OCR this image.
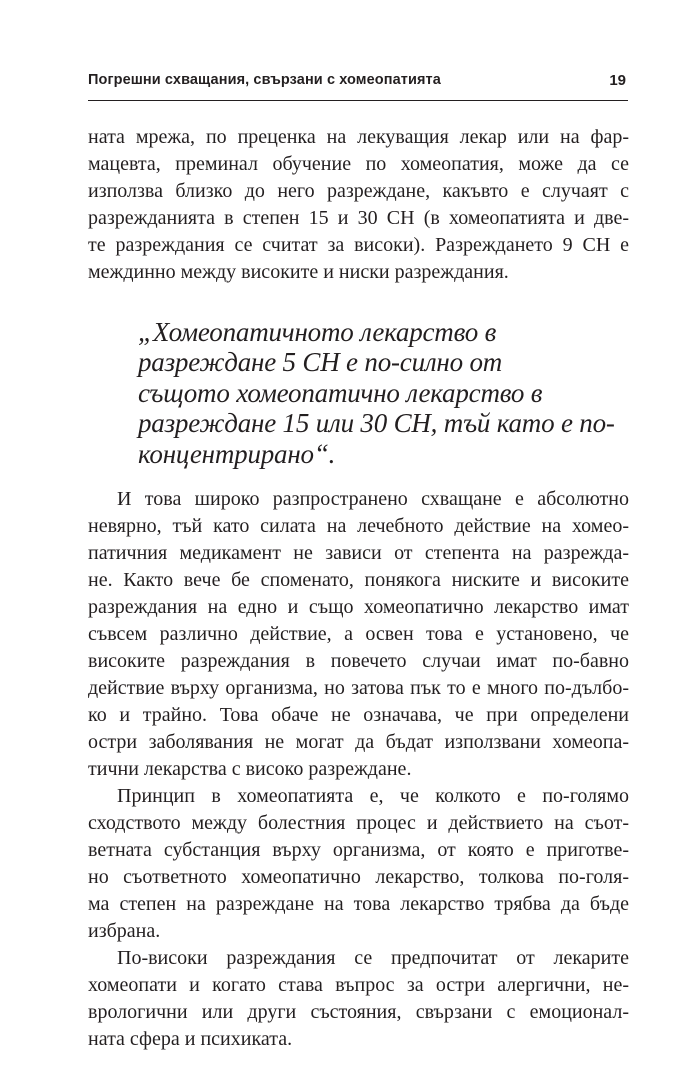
Погрешни схващания, свързани с хомеопатията	19
ната мрежа, по преценка на лекуващия лекар или на фар-
мацевта, преминал обучение по хомеопатия, може да се
използва близко до него разреждане, какъвто е случаят с
разрежданията в степен 15 и 30 CH (в хомеопатията и две-
те разреждания се считат за високи). Разреждането 9 CH е
междинно между високите и ниски разреждания.
„Хомеопатичното лекарство в
разреждане 5 CH е по-силно от
същото хомеопатично лекарство в
разреждане 15 или 30 CH, тъй като е по-
концентрирано“.
И това широко разпространено схващане е абсолютно
невярно, тъй като силата на лечебното действие на хомео-
патичния медикамент не зависи от степента на разрежда-
не. Както вече бе споменато, понякога ниските и високите
разреждания на едно и също хомеопатично лекарство имат
съвсем различно действие, а освен това е установено, че
високите разреждания в повечето случаи имат по-бавно
действие върху организма, но затова пък то е много по-дълбо-
ко и трайно. Това обаче не означава, че при определени
остри заболявания не могат да бъдат използвани хомеопа-
тични лекарства с високо разреждане.
Принцип в хомеопатията е, че колкото е по-голямо
сходството между болестния процес и действието на съот-
ветната субстанция върху организма, от която е приготве-
но съответното хомеопатично лекарство, толкова по-голя-
ма степен на разреждане на това лекарство трябва да бъде
избрана.
По-високи разреждания се предпочитат от лекарите
хомеопати и когато става въпрос за остри алергични, не-
врологични или други състояния, свързани с емоционал-
ната сфера и психиката.
